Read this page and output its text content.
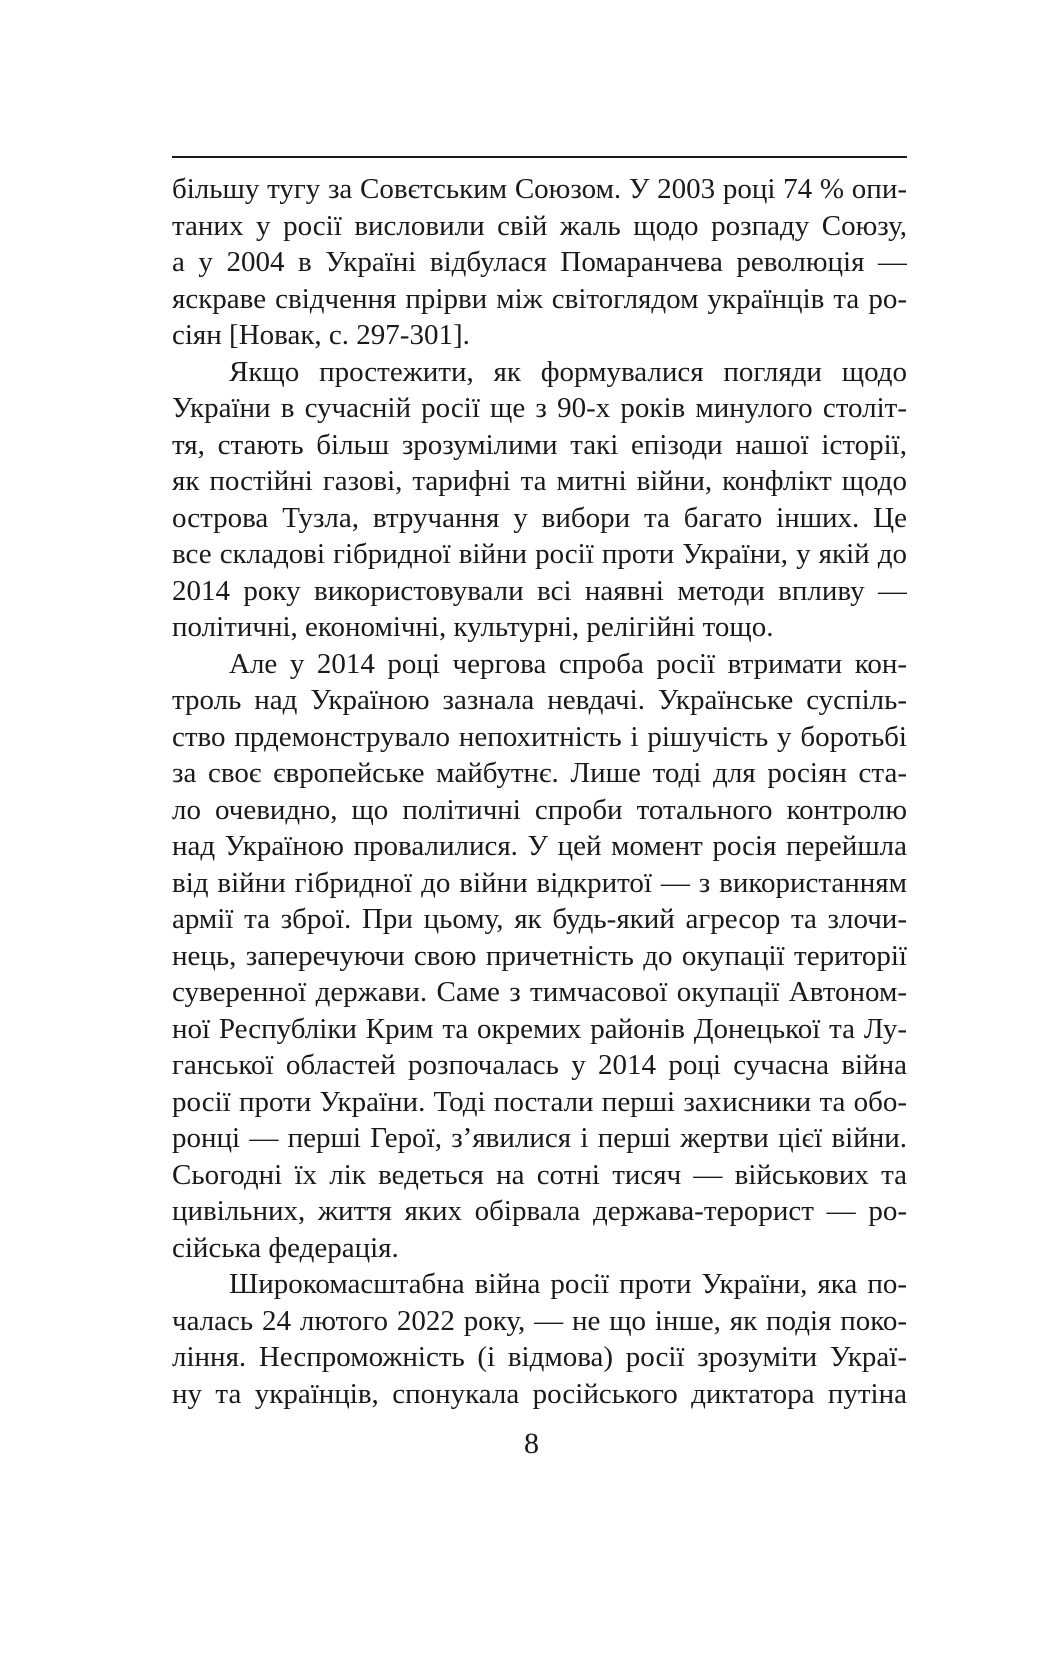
більшу тугу за Совєтським Союзом. У 2003 році 74 % опи-
таних у росії висловили свій жаль щодо розпаду Союзу,
а у 2004 в Україні відбулася Помаранчева революція —
яскраве свідчення прірви між світоглядом українців та ро-
сіян [Новак, с. 297-301].
Якщо простежити, як формувалися погляди щодо
України в сучасній росії ще з 90-х років минулого століт-
тя, стають більш зрозумілими такі епізоди нашої історії,
як постійні газові, тарифні та митні війни, конфлікт щодо
острова Тузла, втручання у вибори та багато інших. Це
все складові гібридної війни росії проти України, у якій до
2014 року використовували всі наявні методи впливу —
політичні, економічні, культурні, релігійні тощо.
Але у 2014 році чергова спроба росії втримати кон-
троль над Україною зазнала невдачі. Українське суспіль-
ство прдемонструвало непохитність і рішучість у боротьбі
за своє європейське майбутнє. Лише тоді для росіян ста-
ло очевидно, що політичні спроби тотального контролю
над Україною провалилися. У цей момент росія перейшла
від війни гібридної до війни відкритої — з використанням
армії та зброї. При цьому, як будь-який агресор та злочи-
нець, заперечуючи свою причетність до окупації території
суверенної держави. Саме з тимчасової окупації Автоном-
ної Республіки Крим та окремих районів Донецької та Лу-
ганської областей розпочалась у 2014 році сучасна війна
росії проти України. Тоді постали перші захисники та обо-
ронці — перші Герої, з’явилися і перші жертви цієї війни.
Сьогодні їх лік ведеться на сотні тисяч — військових та
цивільних, життя яких обірвала держава-терорист — ро-
сійська федерація.
Широкомасштабна війна росії проти України, яка по-
чалась 24 лютого 2022 року, — не що інше, як подія поко-
ління. Неспроможність (і відмова) росії зрозуміти Украї-
ну та українців, спонукала російського диктатора путіна
8
